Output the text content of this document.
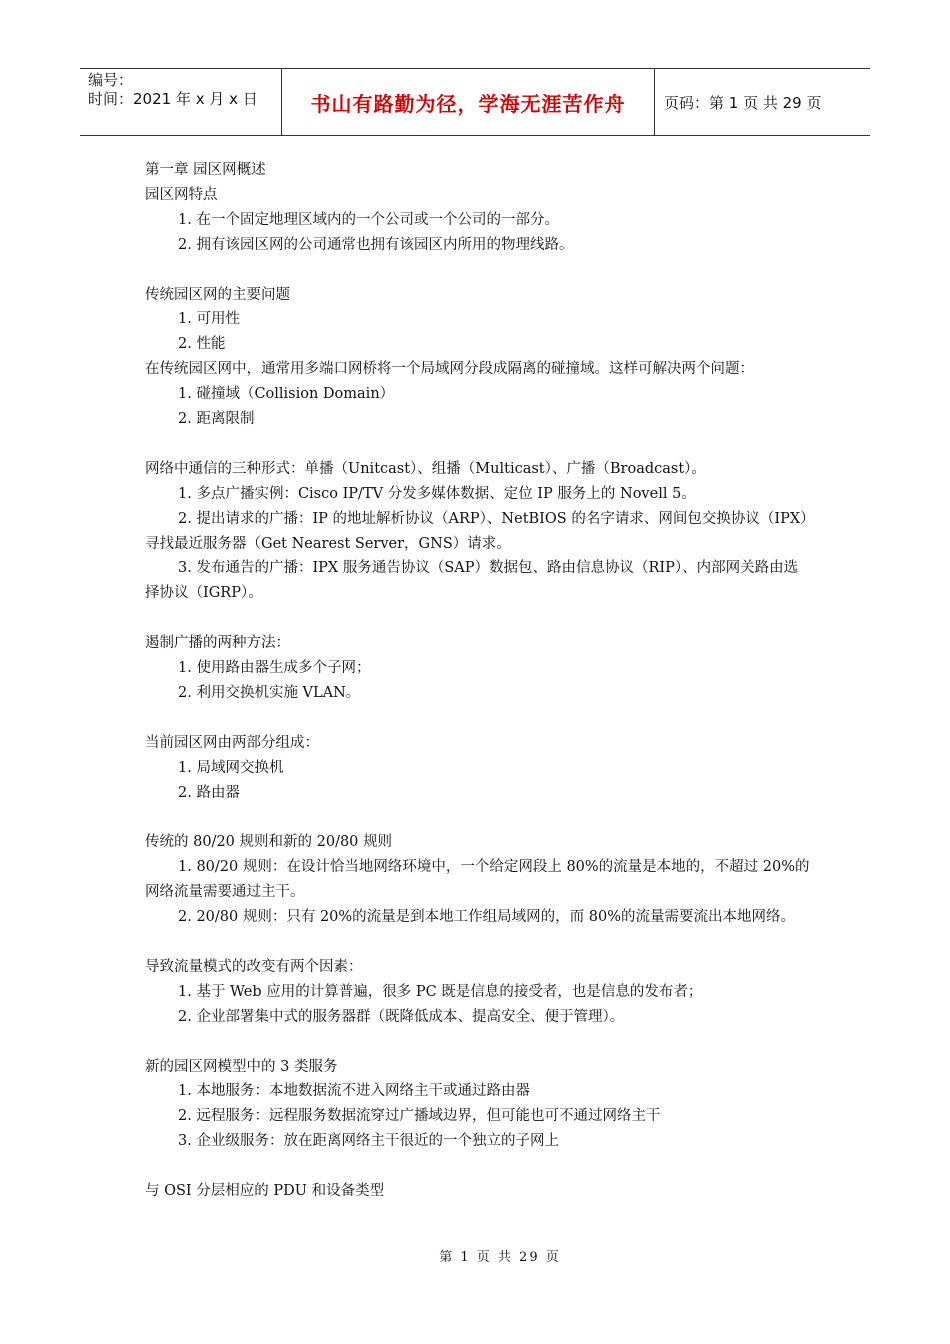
编号：
时间：2021 年 x 月 x 日	书山有路勤为径，学海无涯苦作舟	页码：第 1 页 共 29 页

第一章 园区网概述

园区网特点

1. 在一个固定地理区域内的一个公司或一个公司的一部分。

2. 拥有该园区网的公司通常也拥有该园区内所用的物理线路。

传统园区网的主要问题

1. 可用性

2. 性能

在传统园区网中，通常用多端口网桥将一个局域网分段成隔离的碰撞域。这样可解决两个问题：

1. 碰撞域（Collision Domain）

2. 距离限制

网络中通信的三种形式：单播（Unitcast）、组播（Multicast）、广播（Broadcast）。

1. 多点广播实例：Cisco IP/TV 分发多媒体数据、定位 IP 服务上的 Novell 5。

2. 提出请求的广播：IP 的地址解析协议（ARP）、NetBIOS 的名字请求、网间包交换协议（IPX）寻找最近服务器（Get Nearest Server，GNS）请求。

3. 发布通告的广播：IPX 服务通告协议（SAP）数据包、路由信息协议（RIP）、内部网关路由选择协议（IGRP）。

遏制广播的两种方法：

1. 使用路由器生成多个子网；

2. 利用交换机实施 VLAN。

当前园区网由两部分组成：

1. 局域网交换机

2. 路由器

传统的 80/20 规则和新的 20/80 规则

1. 80/20 规则：在设计恰当地网络环境中，一个给定网段上 80%的流量是本地的，不超过 20%的网络流量需要通过主干。

2. 20/80 规则：只有 20%的流量是到本地工作组局域网的，而 80%的流量需要流出本地网络。

导致流量模式的改变有两个因素：

1. 基于 Web 应用的计算普遍，很多 PC 既是信息的接受者，也是信息的发布者；

2. 企业部署集中式的服务器群（既降低成本、提高安全、便于管理）。

新的园区网模型中的 3 类服务

1. 本地服务：本地数据流不进入网络主干或通过路由器

2. 远程服务：远程服务数据流穿过广播域边界，但可能也可不通过网络主干

3. 企业级服务：放在距离网络主干很近的一个独立的子网上

与 OSI 分层相应的 PDU 和设备类型

第 1 页 共 29 页
